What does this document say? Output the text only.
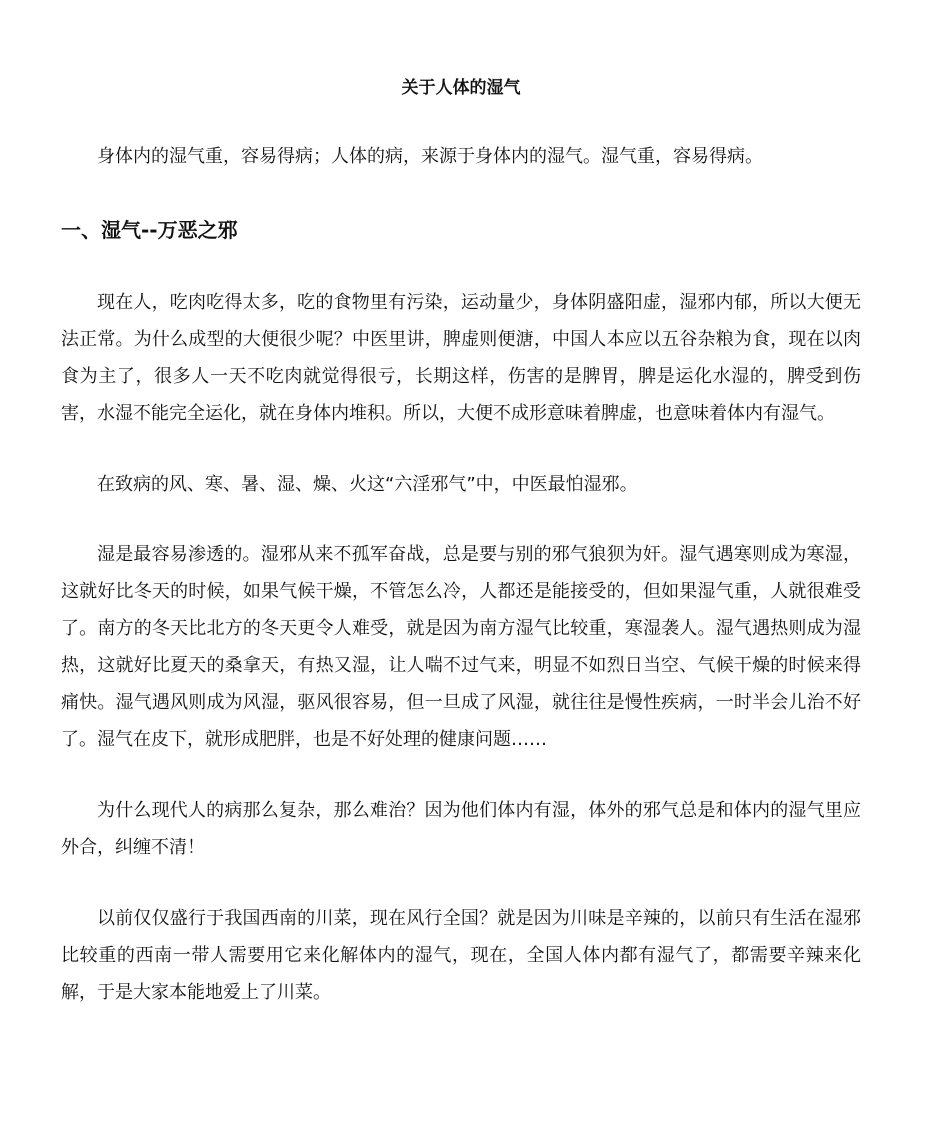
关于人体的湿气

身体内的湿气重，容易得病；人体的病，来源于身体内的湿气。湿气重，容易得病。

一、湿气--万恶之邪

现在人，吃肉吃得太多，吃的食物里有污染，运动量少，身体阴盛阳虚，湿邪内郁，所以大便无法正常。为什么成型的大便很少呢？中医里讲，脾虚则便溏，中国人本应以五谷杂粮为食，现在以肉食为主了，很多人一天不吃肉就觉得很亏，长期这样，伤害的是脾胃，脾是运化水湿的，脾受到伤害，水湿不能完全运化，就在身体内堆积。所以，大便不成形意味着脾虚，也意味着体内有湿气。

在致病的风、寒、暑、湿、燥、火这“六淫邪气”中，中医最怕湿邪。

湿是最容易渗透的。湿邪从来不孤军奋战，总是要与别的邪气狼狈为奸。湿气遇寒则成为寒湿，这就好比冬天的时候，如果气候干燥，不管怎么冷，人都还是能接受的，但如果湿气重，人就很难受了。南方的冬天比北方的冬天更令人难受，就是因为南方湿气比较重，寒湿袭人。湿气遇热则成为湿热，这就好比夏天的桑拿天，有热又湿，让人喘不过气来，明显不如烈日当空、气候干燥的时候来得痛快。湿气遇风则成为风湿，驱风很容易，但一旦成了风湿，就往往是慢性疾病，一时半会儿治不好了。湿气在皮下，就形成肥胖，也是不好处理的健康问题……

为什么现代人的病那么复杂，那么难治？因为他们体内有湿，体外的邪气总是和体内的湿气里应外合，纠缠不清！

以前仅仅盛行于我国西南的川菜，现在风行全国？就是因为川味是辛辣的，以前只有生活在湿邪比较重的西南一带人需要用它来化解体内的湿气，现在，全国人体内都有湿气了，都需要辛辣来化解，于是大家本能地爱上了川菜。
